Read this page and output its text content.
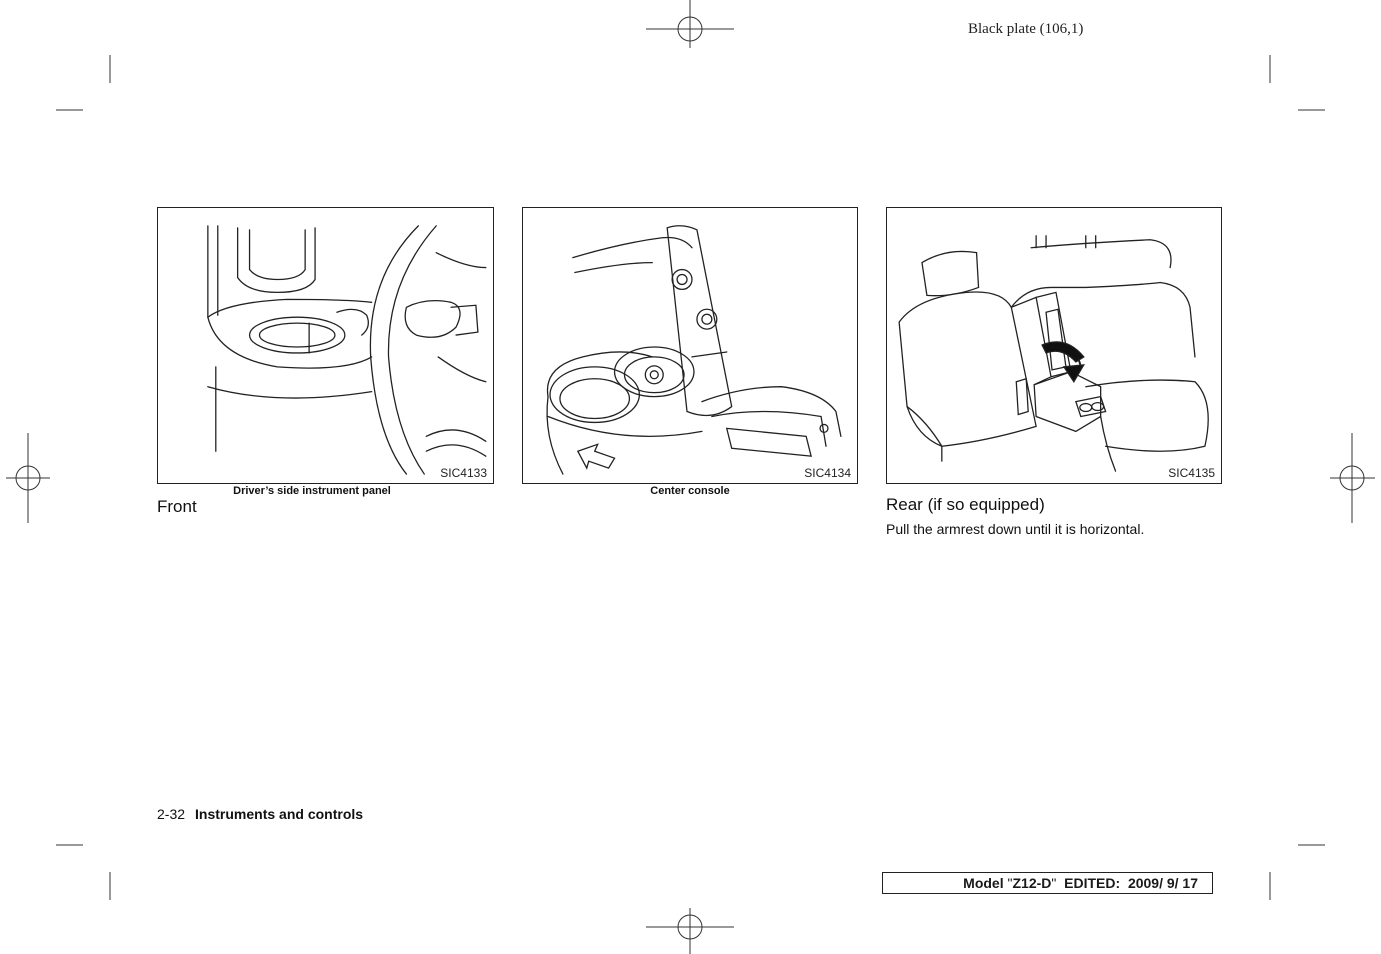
Black plate (106,1)
SIC4133
Driver’s side instrument panel
SIC4134
Center console
SIC4135
Front	Rear (if so equipped)
Pull the armrest down until it is horizontal.
2-32 Instruments and controls
Model "Z12-D" EDITED: 2009/ 9/ 17
